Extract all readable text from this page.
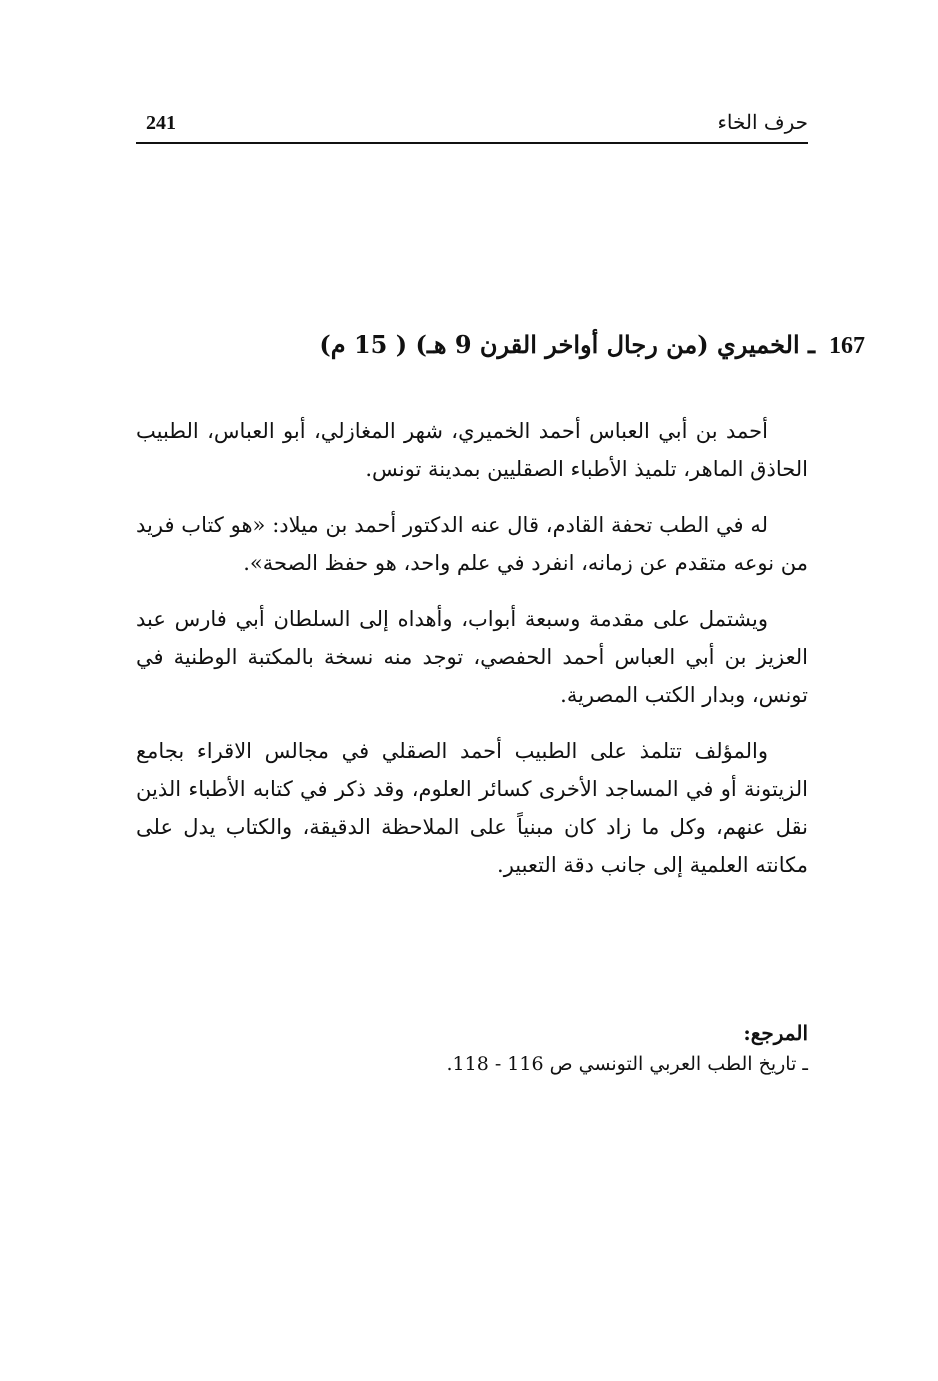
241	حرف الخاء
167ـ الخميري (من رجال أواخر القرن 9 هـ) ( 15 م)

أحمد بن أبي العباس أحمد الخميري، شهر المغازلي، أبو العباس، الطبيب الحاذق الماهر، تلميذ الأطباء الصقليين بمدينة تونس.

له في الطب تحفة القادم، قال عنه الدكتور أحمد بن ميلاد: «هو كتاب فريد من نوعه متقدم عن زمانه، انفرد في علم واحد، هو حفظ الصحة».

ويشتمل على مقدمة وسبعة أبواب، وأهداه إلى السلطان أبي فارس عبد العزيز بن أبي العباس أحمد الحفصي، توجد منه نسخة بالمكتبة الوطنية في تونس، وبدار الكتب المصرية.

والمؤلف تتلمذ على الطبيب أحمد الصقلي في مجالس الاقراء بجامع الزيتونة أو في المساجد الأخرى كسائر العلوم، وقد ذكر في كتابه الأطباء الذين نقل عنهم، وكل ما زاد كان مبنياً على الملاحظة الدقيقة، والكتاب يدل على مكانته العلمية إلى جانب دقة التعبير.

المرجع:
ـ تاريخ الطب العربي التونسي ص 116 - 118.
